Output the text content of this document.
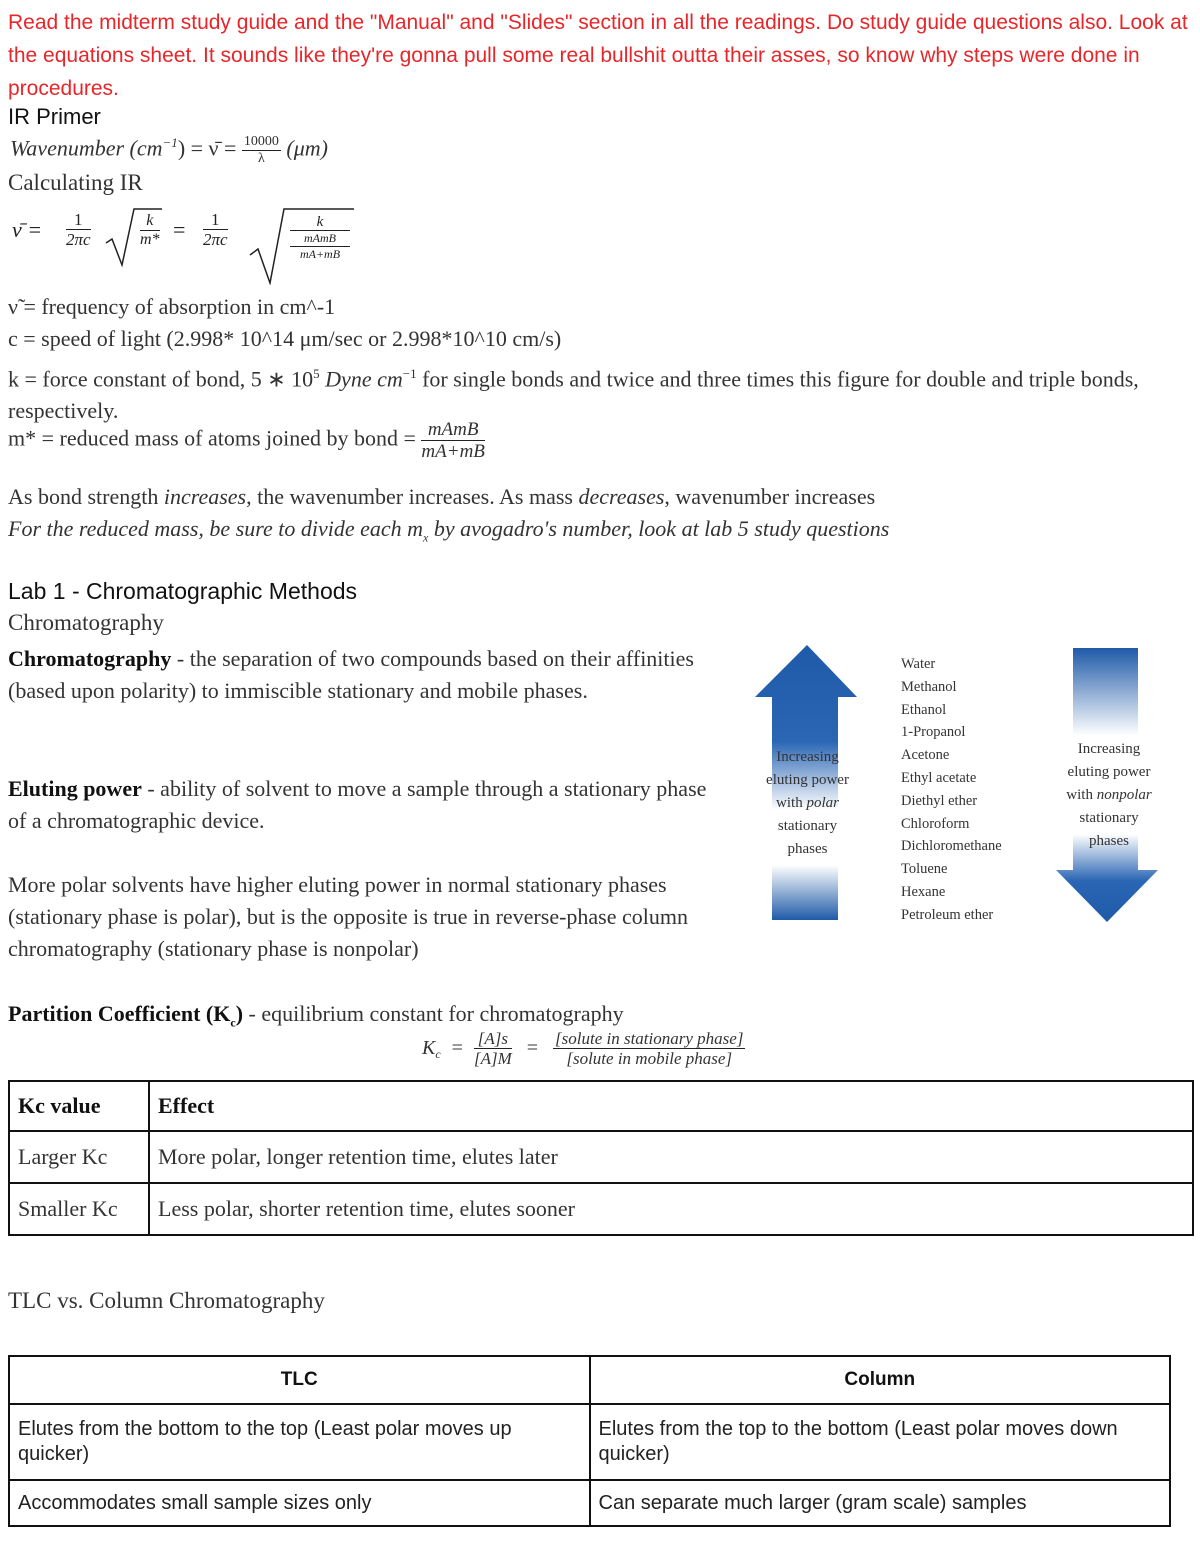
Read the midterm study guide and the "Manual" and "Slides" section in all the readings. Do study guide questions also. Look at the equations sheet. It sounds like they're gonna pull some real bullshit outta their asses, so know why steps were done in procedures.
IR Primer
Wavenumber $(cm^{-1})$ = ν̄ = $\frac{10000}{\lambda} (\mu m)$
Calculating IR
ν̄ = $\frac{1}{2\pi c}$	$\frac{k}{m*} = \frac{1}{2\pi c}$	k
mAmB
mA+mB
ν̃ = frequency of absorption in cm^-1
c = speed of light (2.998* 10^14 μm/sec or 2.998*10^10 cm/s)
k = force constant of bond, 5 ∗ $10^5$ Dyne $cm^{-1}$ for single bonds and twice and three times this figure for double and triple bonds, respectively.
m* = reduced mass of atoms joined by bond = $\frac{\text{mAmB}}{mA+mB}$
As bond strength increases, the wavenumber increases. As mass decreases, wavenumber increases
For the reduced mass, be sure to divide each $m_x$ by avogadro's number, look at lab 5 study questions
Lab 1 - Chromatographic Methods
Chromatography
Chromatography - the separation of two compounds based on their affinities (based upon polarity) to immiscible stationary and mobile phases.
Eluting power - ability of solvent to move a sample through a stationary phase of a chromatographic device.
More polar solvents have higher eluting power in normal stationary phases (stationary phase is polar), but is the opposite is true in reverse-phase column chromatography (stationary phase is nonpolar)
Increasing
eluting power
with polar
stationary
phases
Increasing
eluting power
with nonpolar
stationary
phases
Water
Methanol
Ethanol
1-Propanol
Acetone
Ethyl acetate
Diethyl ether
Chloroform
Dichloromethane
Toluene
Hexane
Petroleum ether
Partition Coefficient $(K_c)$ - equilibrium constant for chromatography
$K_c = \frac{[A]s}{[A]M} = \frac{\text{[solute in stationary phase]}}{\text{[solute in mobile phase]}}$
Kc value	Effect
Larger Kc	More polar, longer retention time, elutes later
Smaller Kc	Less polar, shorter retention time, elutes sooner
TLC vs. Column Chromatography
TLC	Column
Elutes from the bottom to the top (Least polar moves up quicker)	Elutes from the top to the bottom (Least polar moves down quicker)
Accommodates small sample sizes only	Can separate much larger (gram scale) samples
